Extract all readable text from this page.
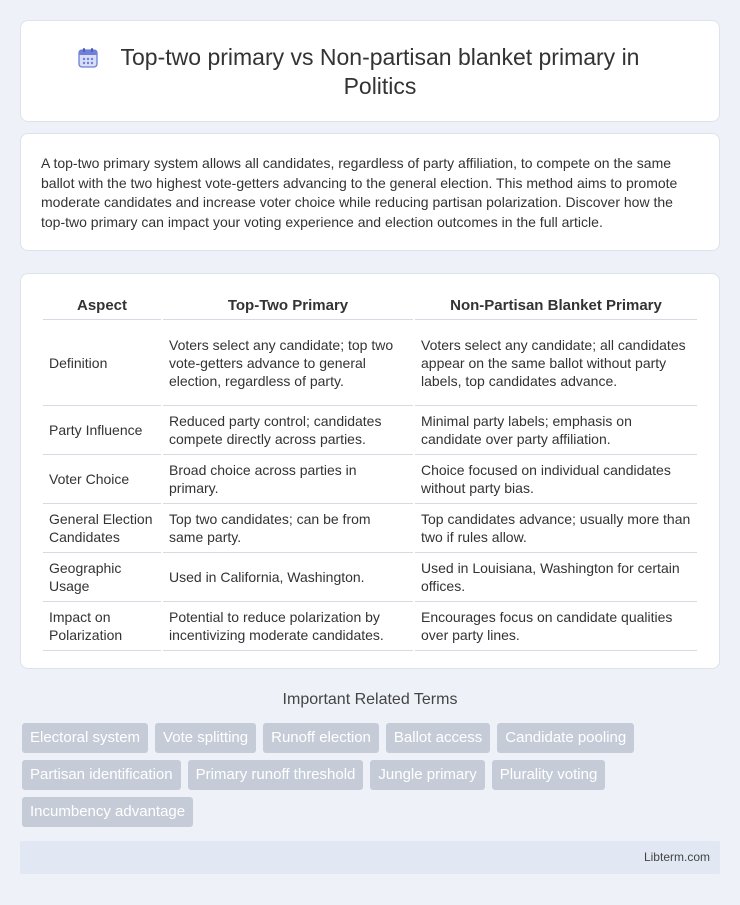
Top-two primary vs Non-partisan blanket primary in Politics

A top-two primary system allows all candidates, regardless of party affiliation, to compete on the same ballot with the two highest vote-getters advancing to the general election. This method aims to promote moderate candidates and increase voter choice while reducing partisan polarization. Discover how the top-two primary can impact your voting experience and election outcomes in the full article.

Aspect	Top-Two Primary	Non-Partisan Blanket Primary
Definition	Voters select any candidate; top two vote-getters advance to general election, regardless of party.	Voters select any candidate; all candidates appear on the same ballot without party labels, top candidates advance.
Party Influence	Reduced party control; candidates compete directly across parties.	Minimal party labels; emphasis on candidate over party affiliation.
Voter Choice	Broad choice across parties in primary.	Choice focused on individual candidates without party bias.
General Election Candidates	Top two candidates; can be from same party.	Top candidates advance; usually more than two if rules allow.
Geographic Usage	Used in California, Washington.	Used in Louisiana, Washington for certain offices.
Impact on Polarization	Potential to reduce polarization by incentivizing moderate candidates.	Encourages focus on candidate qualities over party lines.
Important Related Terms
Electoral system	Vote splitting	Runoff election	Ballot access	Candidate pooling
Partisan identification	Primary runoff threshold	Jungle primary	Plurality voting
Incumbency advantage
Libterm.com
